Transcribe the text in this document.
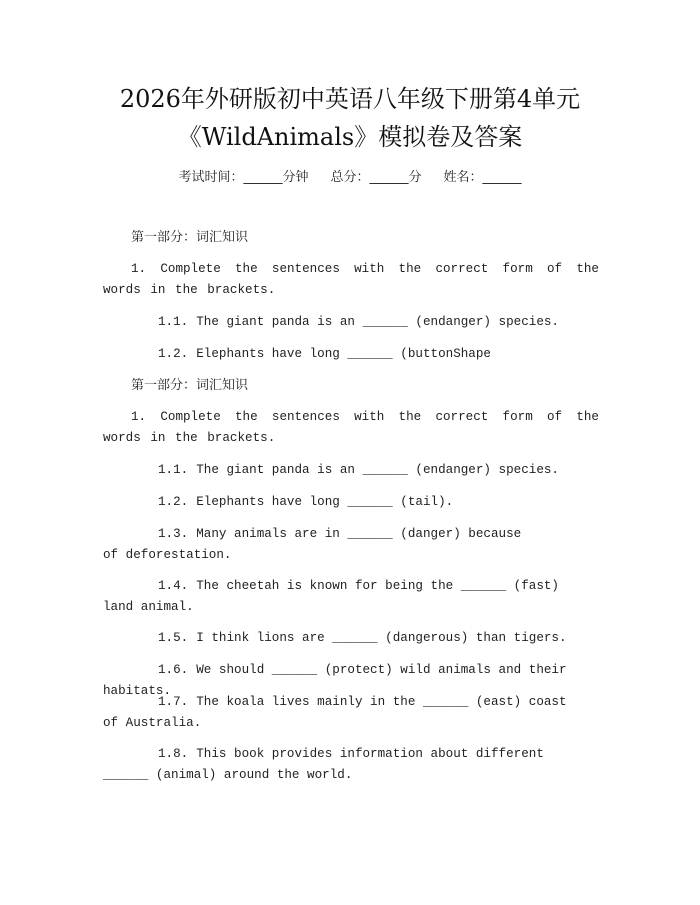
2026年外研版初中英语八年级下册第4单元
《WildAnimals》模拟卷及答案
考试时间：______分钟 总分：______分 姓名：______
第一部分：词汇知识
1. Complete the sentences with the correct form of the words in the brackets.
1.1. The giant panda is an ______ (endanger) species.
1.2. Elephants have long ______ (buttonShape
第一部分：词汇知识
1. Complete the sentences with the correct form of the words in the brackets.
1.1. The giant panda is an ______ (endanger) species.
1.2. Elephants have long ______ (tail).
1.3. Many animals are in ______ (danger) because of deforestation.
1.4. The cheetah is known for being the ______ (fast) land animal.
1.5. I think lions are ______ (dangerous) than tigers.
1.6. We should ______ (protect) wild animals and their habitats.
1.7. The koala lives mainly in the ______ (east) coast of Australia.
1.8. This book provides information about different ______ (animal) around the world.
